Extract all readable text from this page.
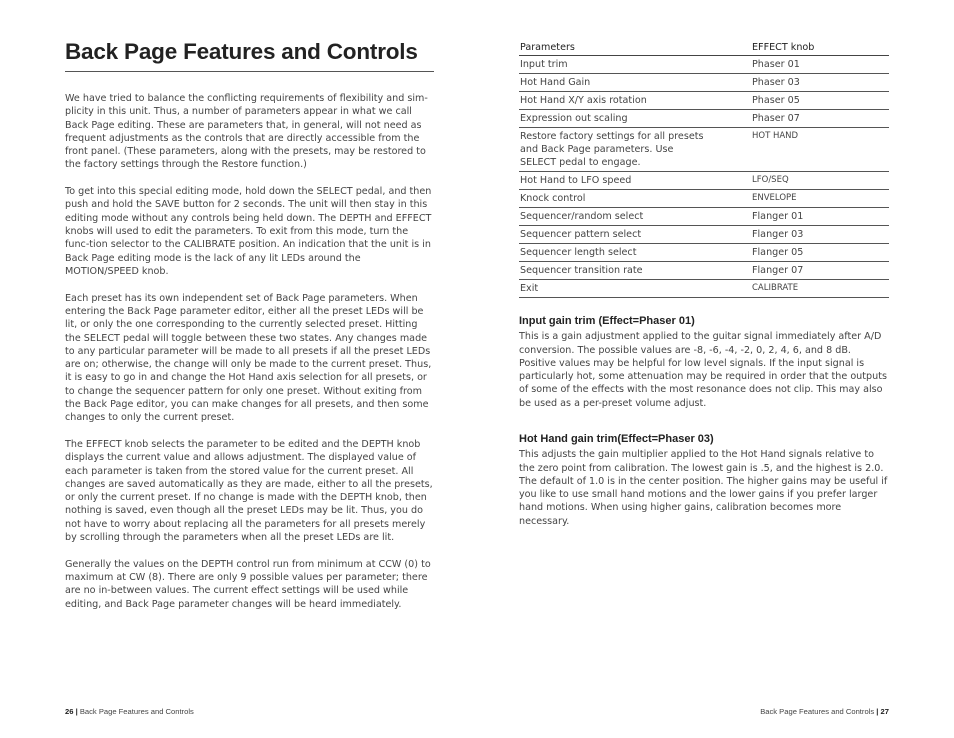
Back Page Features and Controls

We have tried to balance the conflicting requirements of flexibility and sim-plicity in this unit. Thus, a number of parameters appear in what we call Back Page editing. These are parameters that, in general, will not need as frequent adjustments as the controls that are directly accessible from the front panel. (These parameters, along with the presets, may be restored to the factory settings through the Restore function.)

To get into this special editing mode, hold down the SELECT pedal, and then push and hold the SAVE button for 2 seconds. The unit will then stay in this editing mode without any controls being held down. The DEPTH and EFFECT knobs will used to edit the parameters. To exit from this mode, turn the func-tion selector to the CALIBRATE position. An indication that the unit is in Back Page editing mode is the lack of any lit LEDs around the MOTION/SPEED knob.

Each preset has its own independent set of Back Page parameters. When entering the Back Page parameter editor, either all the preset LEDs will be lit, or only the one corresponding to the currently selected preset. Hitting the SELECT pedal will toggle between these two states. Any changes made to any particular parameter will be made to all presets if all the preset LEDs are on; otherwise, the change will only be made to the current preset. Thus, it is easy to go in and change the Hot Hand axis selection for all presets, or to change the sequencer pattern for only one preset. Without exiting from the Back Page editor, you can make changes for all presets, and then some changes to only the current preset.

The EFFECT knob selects the parameter to be edited and the DEPTH knob displays the current value and allows adjustment. The displayed value of each parameter is taken from the stored value for the current preset. All changes are saved automatically as they are made, either to all the presets, or only the current preset. If no change is made with the DEPTH knob, then nothing is saved, even though all the preset LEDs may be lit. Thus, you do not have to worry about replacing all the parameters for all presets merely by scrolling through the parameters when all the preset LEDs are lit.

Generally the values on the DEPTH control run from minimum at CCW (0) to maximum at CW (8). There are only 9 possible values per parameter; there are no in-between values. The current effect settings will be used while editing, and Back Page parameter changes will be heard immediately.

26 | Back Page Features and Controls
Parameters	EFFECT knob
Input trim	Phaser 01
Hot Hand Gain	Phaser 03
Hot Hand X/Y axis rotation	Phaser 05
Expression out scaling	Phaser 07
Restore factory settings for all presets and Back Page parameters. Use SELECT pedal to engage.	HOT HAND
Hot Hand to LFO speed	LFO/SEQ
Knock control	ENVELOPE
Sequencer/random select	Flanger 01
Sequencer pattern select	Flanger 03
Sequencer length select	Flanger 05
Sequencer transition rate	Flanger 07
Exit	CALIBRATE
Input gain trim (Effect=Phaser 01)

This is a gain adjustment applied to the guitar signal immediately after A/D conversion. The possible values are -8, -6, -4, -2, 0, 2, 4, 6, and 8 dB. Positive values may be helpful for low level signals. If the input signal is particularly hot, some attenuation may be required in order that the outputs of some of the effects with the most resonance does not clip. This may also be used as a per-preset volume adjust.

Hot Hand gain trim(Effect=Phaser 03)

This adjusts the gain multiplier applied to the Hot Hand signals relative to the zero point from calibration. The lowest gain is .5, and the highest is 2.0. The default of 1.0 is in the center position. The higher gains may be useful if you like to use small hand motions and the lower gains if you prefer larger hand motions. When using higher gains, calibration becomes more necessary.

Back Page Features and Controls | 27
